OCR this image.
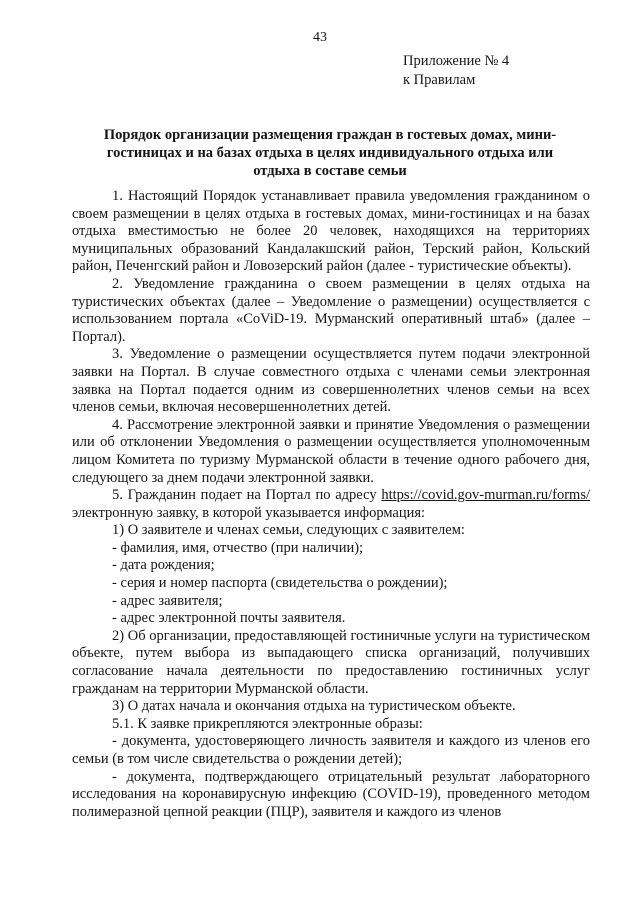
43
Приложение № 4
к Правилам
Порядок организации размещения граждан в гостевых домах, мини-
гостиницах и на базах отдыха в целях индивидуального отдыха или
отдыха в составе семьи

1. Настоящий Порядок устанавливает правила уведомления гражданином о своем размещении в целях отдыха в гостевых домах, мини-гостиницах и на базах отдыха вместимостью не более 20 человек, находящихся на территориях муниципальных образований Кандалакшский район, Терский район, Кольский район, Печенгский район и Ловозерский район (далее - туристические объекты).

2. Уведомление гражданина о своем размещении в целях отдыха на туристических объектах (далее – Уведомление о размещении) осуществляется с использованием портала «CoViD-19. Мурманский оперативный штаб» (далее – Портал).

3. Уведомление о размещении осуществляется путем подачи электронной заявки на Портал. В случае совместного отдыха с членами семьи электронная заявка на Портал подается одним из совершеннолетних членов семьи на всех членов семьи, включая несовершеннолетних детей.

4. Рассмотрение электронной заявки и принятие Уведомления о размещении или об отклонении Уведомления о размещении осуществляется уполномоченным лицом Комитета по туризму Мурманской области в течение одного рабочего дня, следующего за днем подачи электронной заявки.

5. Гражданин подает на Портал по адресу https://covid.gov-murman.ru/forms/ электронную заявку, в которой указывается информация:

1) О заявителе и членах семьи, следующих с заявителем:

- фамилия, имя, отчество (при наличии);

- дата рождения;

- серия и номер паспорта (свидетельства о рождении);

- адрес заявителя;

- адрес электронной почты заявителя.

2) Об организации, предоставляющей гостиничные услуги на туристическом объекте, путем выбора из выпадающего списка организаций, получивших согласование начала деятельности по предоставлению гостиничных услуг гражданам на территории Мурманской области.

3) О датах начала и окончания отдыха на туристическом объекте.

5.1. К заявке прикрепляются электронные образы:

- документа, удостоверяющего личность заявителя и каждого из членов его семьи (в том числе свидетельства о рождении детей);

- документа, подтверждающего отрицательный результат лабораторного исследования на коронавирусную инфекцию (COVID-19), проведенного методом полимеразной цепной реакции (ПЦР), заявителя и каждого из членов
